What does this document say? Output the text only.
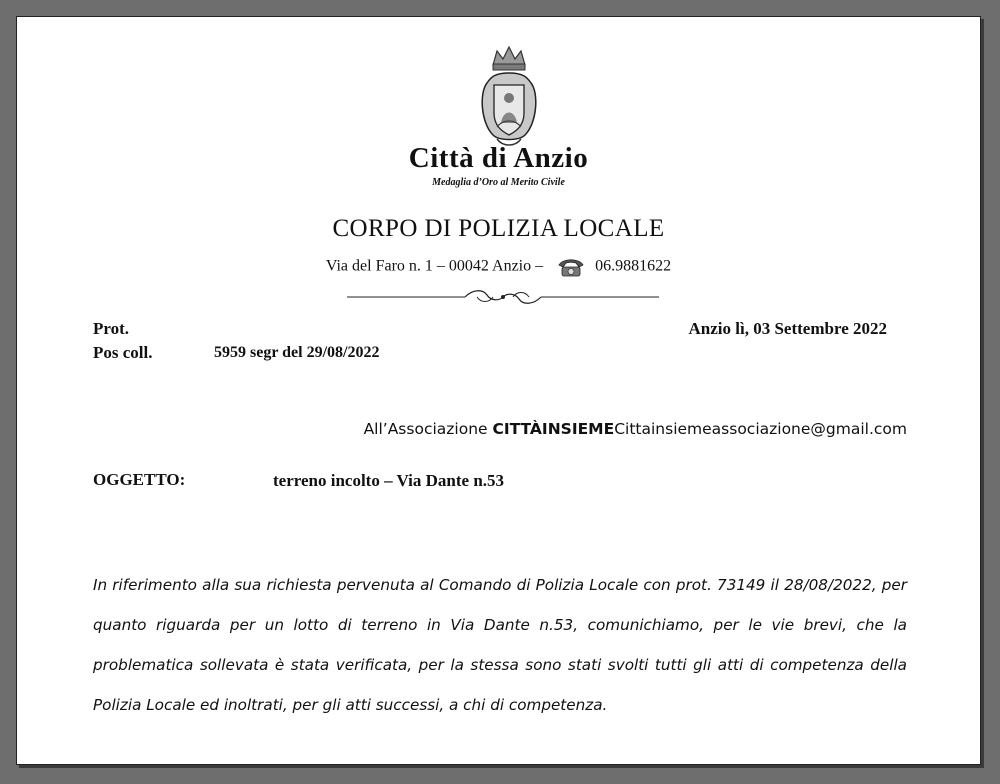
Città di Anzio
Medaglia d’Oro al Merito Civile
CORPO DI POLIZIA LOCALE
Via del Faro n. 1 – 00042 Anzio –	06.9881622
Prot.	Anzio lì, 03 Settembre 2022
Pos coll.	5959 segr del 29/08/2022
All’Associazione CITTÀINSIEMECittainsiemeassociazione@gmail.com
OGGETTO:	terreno incolto – Via Dante n.53
In riferimento alla sua richiesta pervenuta al Comando di Polizia Locale con prot. 73149 il 28/08/2022, per quanto riguarda per un lotto di terreno in Via Dante n.53, comunichiamo, per le vie brevi, che la problematica sollevata è stata verificata, per la stessa sono stati svolti tutti gli atti di competenza della Polizia Locale ed inoltrati, per gli atti successi, a chi di competenza.
